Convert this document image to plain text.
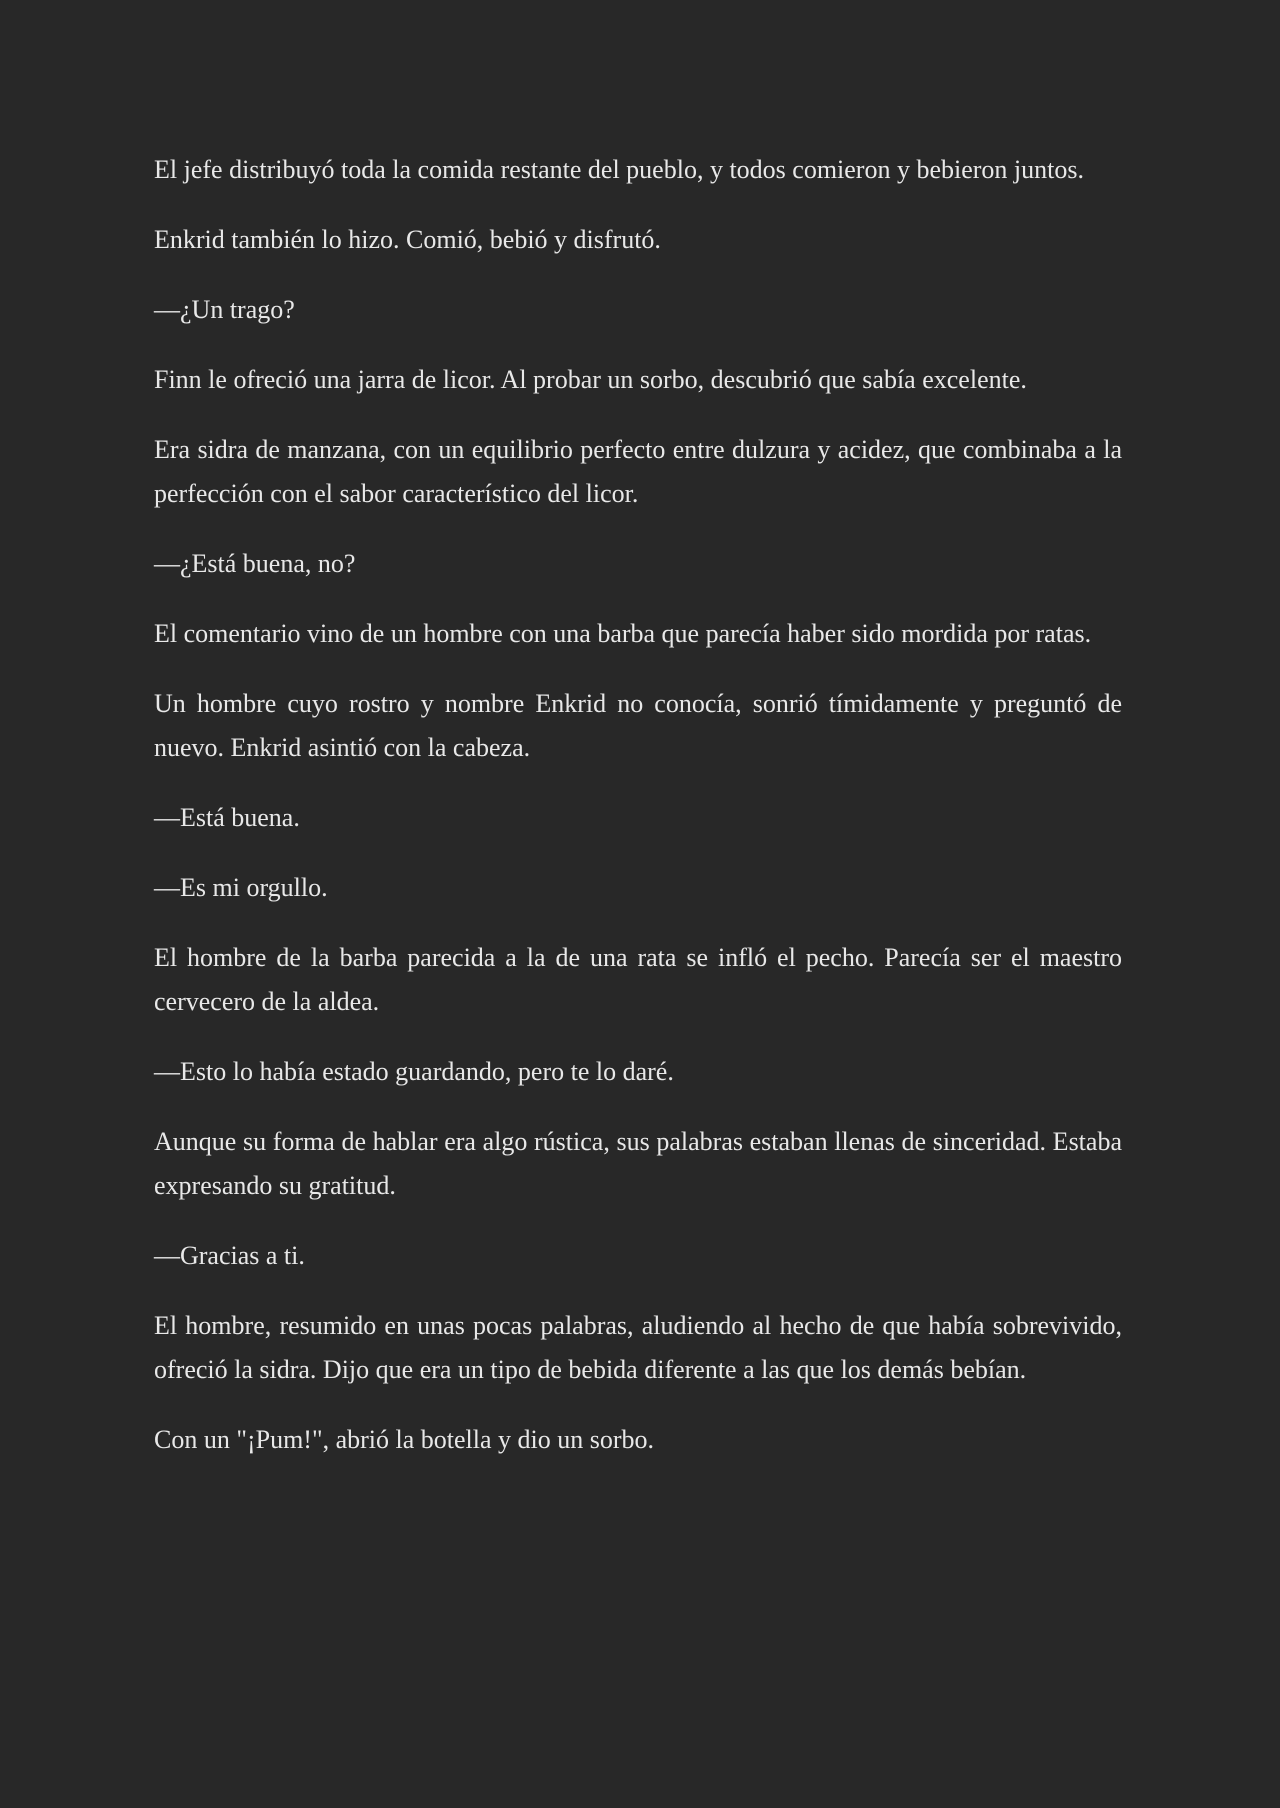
El jefe distribuyó toda la comida restante del pueblo, y todos comieron y bebieron juntos.

Enkrid también lo hizo. Comió, bebió y disfrutó.

—¿Un trago?

Finn le ofreció una jarra de licor. Al probar un sorbo, descubrió que sabía excelente.

Era sidra de manzana, con un equilibrio perfecto entre dulzura y acidez, que combinaba a la perfección con el sabor característico del licor.

—¿Está buena, no?

El comentario vino de un hombre con una barba que parecía haber sido mordida por ratas.

Un hombre cuyo rostro y nombre Enkrid no conocía, sonrió tímidamente y preguntó de nuevo. Enkrid asintió con la cabeza.

—Está buena.

—Es mi orgullo.

El hombre de la barba parecida a la de una rata se infló el pecho. Parecía ser el maestro cervecero de la aldea.

—Esto lo había estado guardando, pero te lo daré.

Aunque su forma de hablar era algo rústica, sus palabras estaban llenas de sinceridad. Estaba expresando su gratitud.

—Gracias a ti.

El hombre, resumido en unas pocas palabras, aludiendo al hecho de que había sobrevivido, ofreció la sidra. Dijo que era un tipo de bebida diferente a las que los demás bebían.

Con un "¡Pum!", abrió la botella y dio un sorbo.
